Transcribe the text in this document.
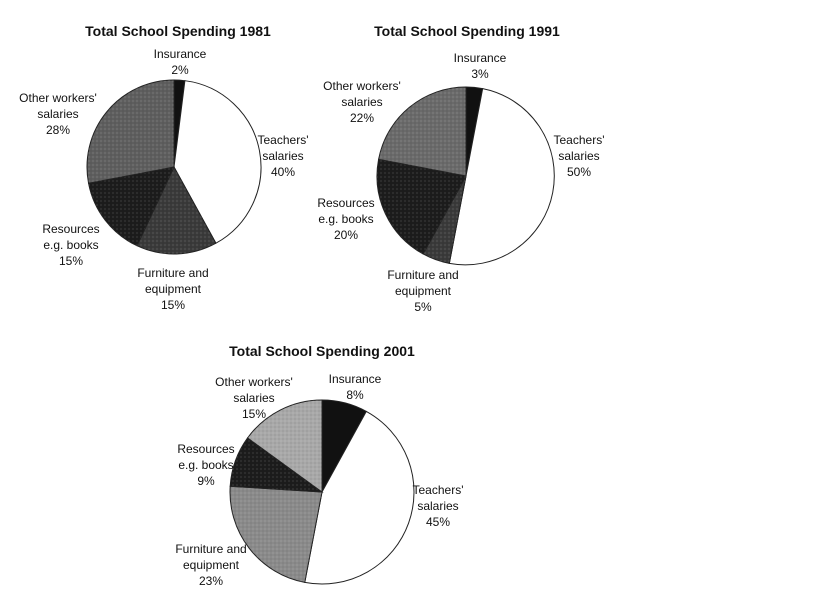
Total School Spending 1981
Insurance 2%
Teachers' salaries 40%
Furniture and equipment 15%
Resources e.g. books 15%
Other workers' salaries 28%
Total School Spending 1991
Insurance 3%
Teachers' salaries 50%
Furniture and equipment 5%
Resources e.g. books 20%
Other workers' salaries 22%
Total School Spending 2001
Insurance 8%
Teachers' salaries 45%
Furniture and equipment 23%
Resources e.g. books 9%
Other workers' salaries 15%
